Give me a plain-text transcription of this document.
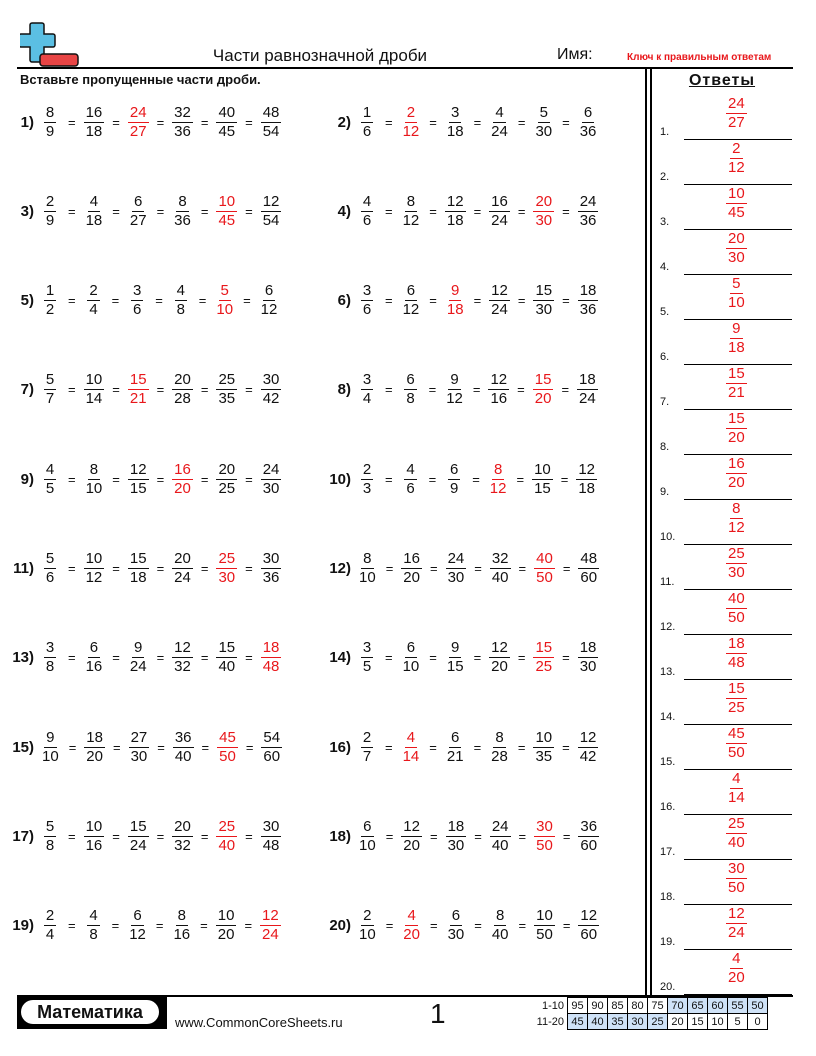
Части равнозначной дроби	Имя:	Ключ к правильным ответам
Вставьте пропущенные части дроби.	Ответы
$1) \frac{8}{9} = \frac{16}{18} = \frac{24}{27} = \frac{32}{36} = \frac{40}{45} = \frac{48}{54}$	$2) \frac{1}{6} = \frac{2}{12} = \frac{3}{18} = \frac{4}{24} = \frac{5}{30} = \frac{6}{36}$
$3) \frac{2}{9} = \frac{4}{18} = \frac{6}{27} = \frac{8}{36} = \frac{10}{45} = \frac{12}{54}$	$4) \frac{4}{6} = \frac{8}{12} = \frac{12}{18} = \frac{16}{24} = \frac{20}{30} = \frac{24}{36}$
$5) \frac{1}{2} = \frac{2}{4} = \frac{3}{6} = \frac{4}{8} = \frac{5}{10} = \frac{6}{12}$	$6) \frac{3}{6} = \frac{6}{12} = \frac{9}{18} = \frac{12}{24} = \frac{15}{30} = \frac{18}{36}$
$7) \frac{5}{7} = \frac{10}{14} = \frac{15}{21} = \frac{20}{28} = \frac{25}{35} = \frac{30}{42}$	$8) \frac{3}{4} = \frac{6}{8} = \frac{9}{12} = \frac{12}{16} = \frac{15}{20} = \frac{18}{24}$
$9) \frac{4}{5} = \frac{8}{10} = \frac{12}{15} = \frac{16}{20} = \frac{20}{25} = \frac{24}{30}$	$10) \frac{2}{3} = \frac{4}{6} = \frac{6}{9} = \frac{8}{12} = \frac{10}{15} = \frac{12}{18}$
$11) \frac{5}{6} = \frac{10}{12} = \frac{15}{18} = \frac{20}{24} = \frac{25}{30} = \frac{30}{36}$	$12) \frac{8}{10} = \frac{16}{20} = \frac{24}{30} = \frac{32}{40} = \frac{40}{50} = \frac{48}{60}$
$13) \frac{3}{8} = \frac{6}{16} = \frac{9}{24} = \frac{12}{32} = \frac{15}{40} = \frac{18}{48}$	$14) \frac{3}{5} = \frac{6}{10} = \frac{9}{15} = \frac{12}{20} = \frac{15}{25} = \frac{18}{30}$
$15) \frac{9}{10} = \frac{18}{20} = \frac{27}{30} = \frac{36}{40} = \frac{45}{50} = \frac{54}{60}$	$16) \frac{2}{7} = \frac{4}{14} = \frac{6}{21} = \frac{8}{28} = \frac{10}{35} = \frac{12}{42}$
$17) \frac{5}{8} = \frac{10}{16} = \frac{15}{24} = \frac{20}{32} = \frac{25}{40} = \frac{30}{48}$	$18) \frac{6}{10} = \frac{12}{20} = \frac{18}{30} = \frac{24}{40} = \frac{30}{50} = \frac{36}{60}$
$19) \frac{2}{4} = \frac{4}{8} = \frac{6}{12} = \frac{8}{16} = \frac{10}{20} = \frac{12}{24}$	$20) \frac{2}{10} = \frac{4}{20} = \frac{6}{30} = \frac{8}{40} = \frac{10}{50} = \frac{12}{60}$
1.	$\frac{24}{27}$
2.	$\frac{2}{12}$
3.	$\frac{10}{45}$
4.	$\frac{20}{30}$
5.	$\frac{5}{10}$
6.	$\frac{9}{18}$
7.	$\frac{15}{21}$
8.	$\frac{15}{20}$
9.	$\frac{16}{20}$
10.	$\frac{8}{12}$
11.	$\frac{25}{30}$
12.	$\frac{40}{50}$
13.	$\frac{18}{48}$
14.	$\frac{15}{25}$
15.	$\frac{45}{50}$
16.	$\frac{4}{14}$
17.	$\frac{25}{40}$
18.	$\frac{30}{50}$
19.	$\frac{12}{24}$
20.	$\frac{4}{20}$
Математика
www.CommonCoreSheets.ru	1	1-10	95	90	85	80	75	70	65	60	55	50
11-20	45	40	35	30	25	20	15	10	5	0
